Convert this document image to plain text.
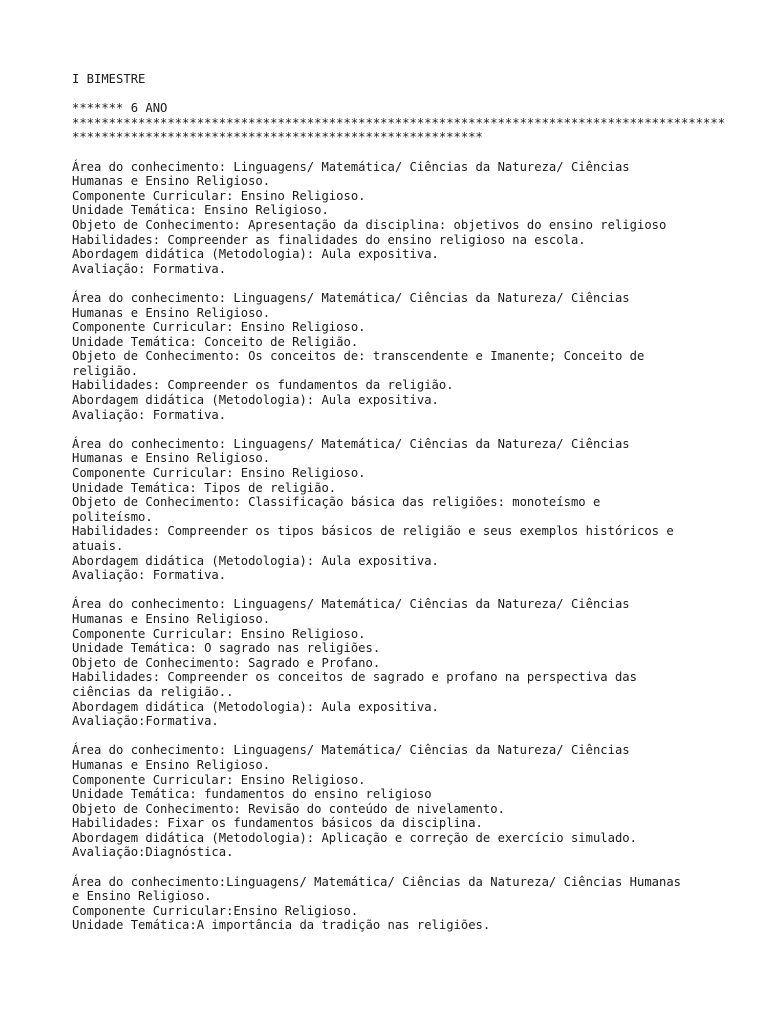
I BIMESTRE
******* 6 ANO
*****************************************************************************************
********************************************************
Área do conhecimento: Linguagens/ Matemática/ Ciências da Natureza/ Ciências
Humanas e Ensino Religioso.
Componente Curricular: Ensino Religioso.
Unidade Temática: Ensino Religioso.
Objeto de Conhecimento: Apresentação da disciplina: objetivos do ensino religioso
Habilidades: Compreender as finalidades do ensino religioso na escola.
Abordagem didática (Metodologia): Aula expositiva.
Avaliação: Formativa.
Área do conhecimento: Linguagens/ Matemática/ Ciências da Natureza/ Ciências
Humanas e Ensino Religioso.
Componente Curricular: Ensino Religioso.
Unidade Temática: Conceito de Religião.
Objeto de Conhecimento: Os conceitos de: transcendente e Imanente; Conceito de
religião.
Habilidades: Compreender os fundamentos da religião.
Abordagem didática (Metodologia): Aula expositiva.
Avaliação: Formativa.
Área do conhecimento: Linguagens/ Matemática/ Ciências da Natureza/ Ciências
Humanas e Ensino Religioso.
Componente Curricular: Ensino Religioso.
Unidade Temática: Tipos de religião.
Objeto de Conhecimento: Classificação básica das religiões: monoteísmo e
politeísmo.
Habilidades: Compreender os tipos básicos de religião e seus exemplos históricos e
atuais.
Abordagem didática (Metodologia): Aula expositiva.
Avaliação: Formativa.
Área do conhecimento: Linguagens/ Matemática/ Ciências da Natureza/ Ciências
Humanas e Ensino Religioso.
Componente Curricular: Ensino Religioso.
Unidade Temática: O sagrado nas religiões.
Objeto de Conhecimento: Sagrado e Profano.
Habilidades: Compreender os conceitos de sagrado e profano na perspectiva das
ciências da religião..
Abordagem didática (Metodologia): Aula expositiva.
Avaliação:Formativa.
Área do conhecimento: Linguagens/ Matemática/ Ciências da Natureza/ Ciências
Humanas e Ensino Religioso.
Componente Curricular: Ensino Religioso.
Unidade Temática: fundamentos do ensino religioso
Objeto de Conhecimento: Revisão do conteúdo de nivelamento.
Habilidades: Fixar os fundamentos básicos da disciplina.
Abordagem didática (Metodologia): Aplicação e correção de exercício simulado.
Avaliação:Diagnóstica.
Área do conhecimento:Linguagens/ Matemática/ Ciências da Natureza/ Ciências Humanas
e Ensino Religioso.
Componente Curricular:Ensino Religioso.
Unidade Temática:A importância da tradição nas religiões.
